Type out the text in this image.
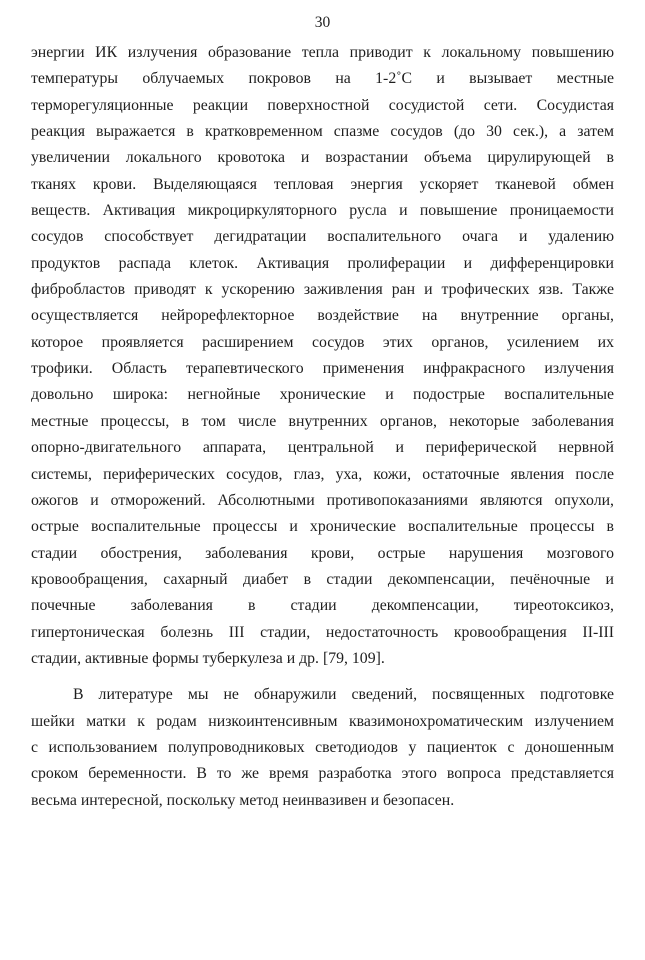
30
энергии ИК излучения образование тепла приводит к локальному повышению
температуры облучаемых покровов на 1-2˚С и вызывает местные
терморегуляционные реакции поверхностной сосудистой сети. Сосудистая
реакция выражается в кратковременном спазме сосудов (до 30 сек.), а затем
увеличении локального кровотока и возрастании объема цирулирующей в
тканях крови. Выделяющаяся тепловая энергия ускоряет тканевой обмен
веществ. Активация микроциркуляторного русла и повышение проницаемости
сосудов способствует дегидратации воспалительного очага и удалению
продуктов распада клеток. Активация пролиферации и дифференцировки
фибробластов приводят к ускорению заживления ран и трофических язв. Также
осуществляется нейрорефлекторное воздействие на внутренние органы,
которое проявляется расширением сосудов этих органов, усилением их
трофики. Область терапевтического применения инфракрасного излучения
довольно широка: негнойные хронические и подострые воспалительные
местные процессы, в том числе внутренних органов, некоторые заболевания
опорно-двигательного аппарата, центральной и периферической нервной
системы, периферических сосудов, глаз, уха, кожи, остаточные явления после
ожогов и отморожений. Абсолютными противопоказаниями являются опухоли,
острые воспалительные процессы и хронические воспалительные процессы в
стадии обострения, заболевания крови, острые нарушения мозгового
кровообращения, сахарный диабет в стадии декомпенсации, печёночные и
почечные заболевания в стадии декомпенсации, тиреотоксикоз,
гипертоническая болезнь III стадии, недостаточность кровообращения II-III
стадии, активные формы туберкулеза и др. [79, 109].
В литературе мы не обнаружили сведений, посвященных подготовке
шейки матки к родам низкоинтенсивным квазимонохроматическим излучением
с использованием полупроводниковых светодиодов у пациенток с доношенным
сроком беременности. В то же время разработка этого вопроса представляется
весьма интересной, поскольку метод неинвазивен и безопасен.
